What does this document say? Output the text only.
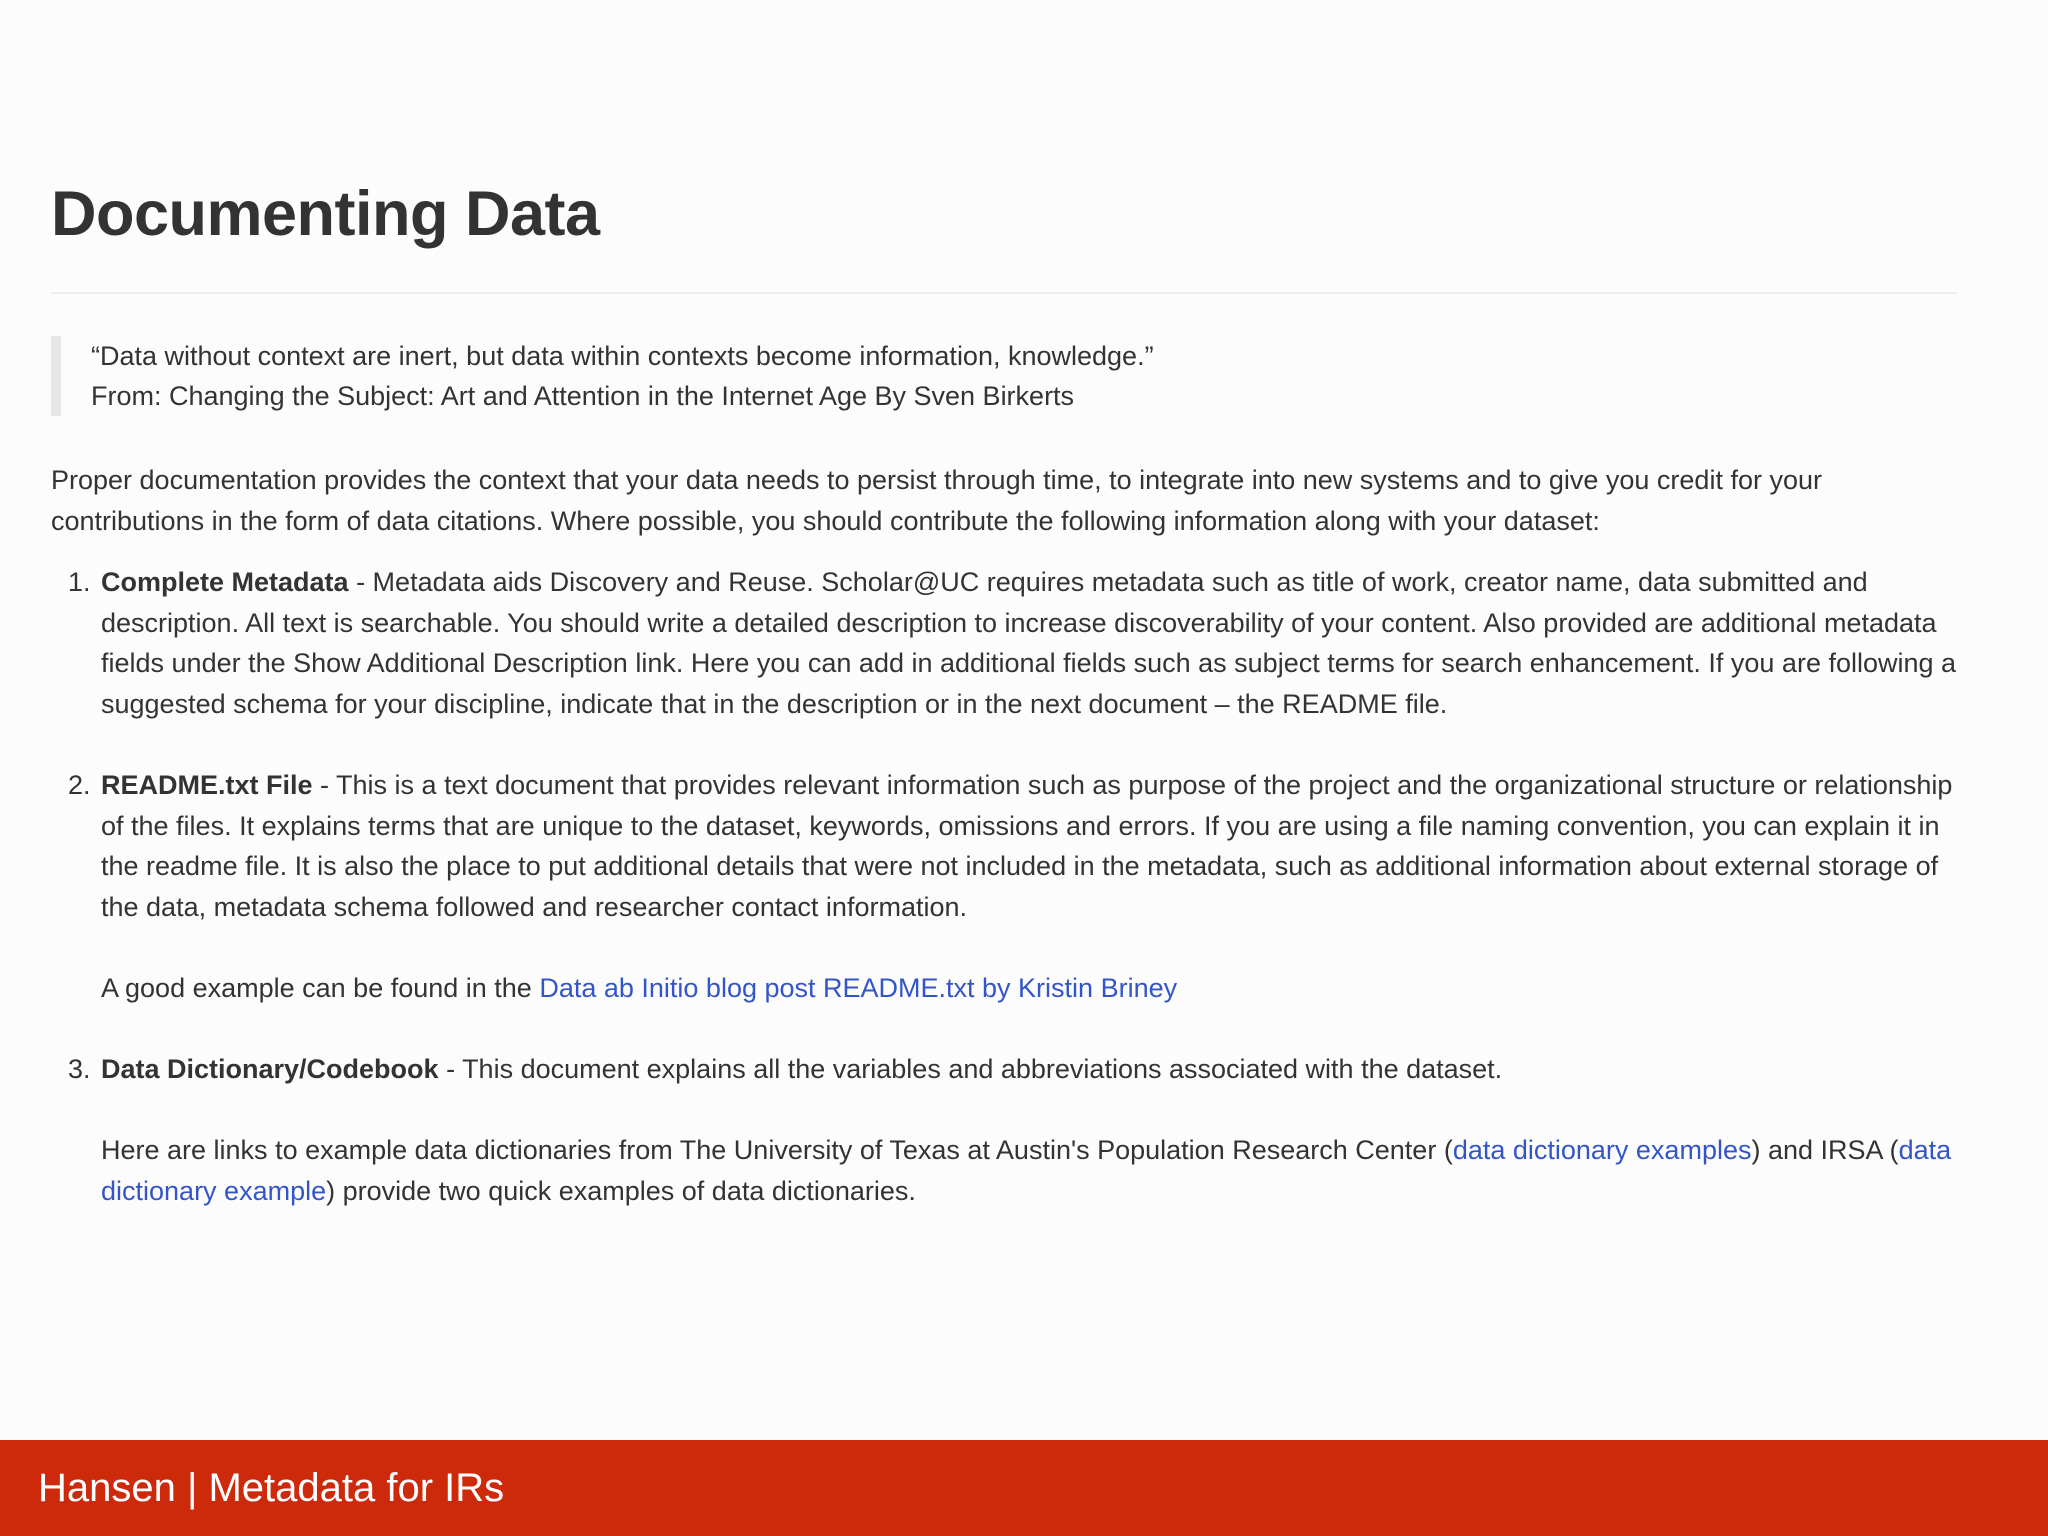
Documenting Data

“Data without context are inert, but data within contexts become information, knowledge.”

From: Changing the Subject: Art and Attention in the Internet Age By Sven Birkerts

Proper documentation provides the context that your data needs to persist through time, to integrate into new systems and to give you credit for your contributions in the form of data citations. Where possible, you should contribute the following information along with your dataset:

1. Complete Metadata - Metadata aids Discovery and Reuse. Scholar@UC requires metadata such as title of work, creator name, data submitted and description. All text is searchable. You should write a detailed description to increase discoverability of your content. Also provided are additional metadata fields under the Show Additional Description link. Here you can add in additional fields such as subject terms for search enhancement. If you are following a suggested schema for your discipline, indicate that in the description or in the next document – the README file.

2. README.txt File - This is a text document that provides relevant information such as purpose of the project and the organizational structure or relationship of the files. It explains terms that are unique to the dataset, keywords, omissions and errors. If you are using a file naming convention, you can explain it in the readme file. It is also the place to put additional details that were not included in the metadata, such as additional information about external storage of the data, metadata schema followed and researcher contact information.

A good example can be found in the Data ab Initio blog post README.txt by Kristin Briney

3. Data Dictionary/Codebook - This document explains all the variables and abbreviations associated with the dataset.

Here are links to example data dictionaries from The University of Texas at Austin's Population Research Center (data dictionary examples) and IRSA (data dictionary example) provide two quick examples of data dictionaries.

Hansen | Metadata for IRs
